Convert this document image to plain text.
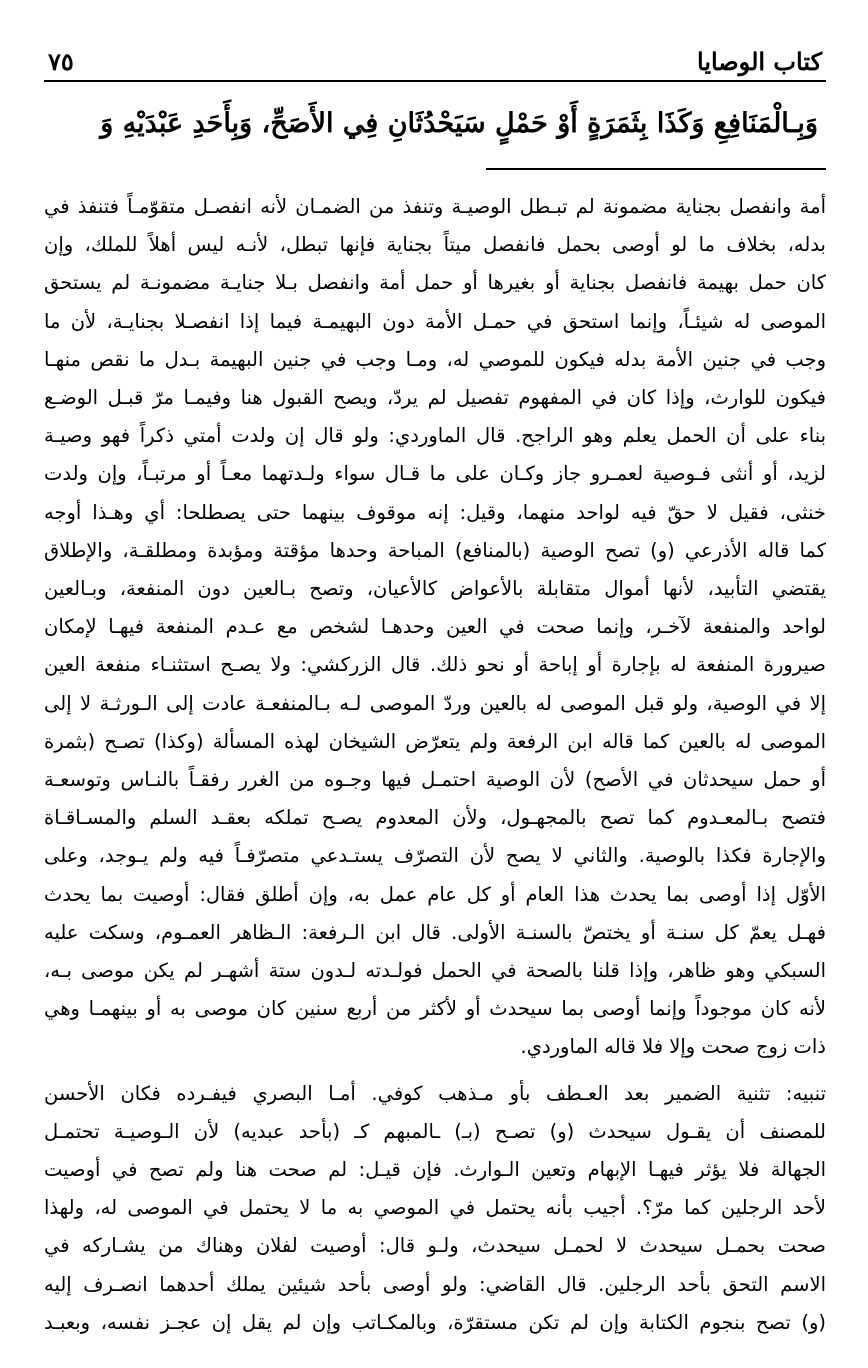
كتاب الوصايا
٧٥
وَبِـالْمَنَافِعِ وَكَذَا بِثَمَرَةٍ أَوْ حَمْلٍ سَيَحْدُثَانِ فِي الأَصَحِّ، وَبِأَحَدِ عَبْدَيْهِ وَ
أمة وانفصل بجناية مضمونة لم تبـطل الوصيـة وتنفذ من الضمـان لأنه انفصـل متقوّمـاً فتنفذ في
بدله، بخلاف ما لو أوصى بحمل فانفصل ميتاً بجناية فإنها تبطل، لأنـه ليس أهلاً للملك، وإن
كان حمل بهيمة فانفصل بجناية أو بغيرها أو حمل أمة وانفصل بـلا جنايـة مضمونـة لم يستحق
الموصى له شيئـاً، وإنما استحق في حمـل الأمة دون البهيمـة فيما إذا انفصـلا بجنايـة، لأن ما
وجب في جنين الأمة بدله فيكون للموصي له، ومـا وجب في جنين البهيمة بـدل ما نقص منهـا
فيكون للوارث، وإذا كان في المفهوم تفصيل لم يردّ، ويصح القبول هنا وفيمـا مرّ قبـل الوضـع
بناء على أن الحمل يعلم وهو الراجح. قال الماوردي: ولو قال إن ولدت أمتي ذكراً فهو وصيـة
لزيد، أو أنثى فـوصية لعمـرو جاز وكـان على ما قـال سواء ولـدتهما معـاً أو مرتبـاً، وإن ولدت
خنثى، فقيل لا حقّ فيه لواحد منهما، وقيل: إنه موقوف بينهما حتى يصطلحا: أي وهـذا أوجه
كما قاله الأذرعي (و) تصح الوصية (بالمنافع) المباحة وحدها مؤقتة ومؤبدة ومطلقـة، والإطلاق
يقتضي التأبيد، لأنها أموال متقابلة بالأعواض كالأعيان، وتصح بـالعين دون المنفعة، وبـالعين
لواحد والمنفعة لآخـر، وإنما صحت في العين وحدهـا لشخص مع عـدم المنفعة فيهـا لإمكان
صيرورة المنفعة له بإجارة أو إباحة أو نحو ذلك. قال الزركشي: ولا يصـح استثنـاء منفعة العين
إلا في الوصية، ولو قبل الموصى له بالعين وردّ الموصى لـه بـالمنفعـة عادت إلى الـورثـة لا إلى
الموصى له بالعين كما قاله ابن الرفعة ولم يتعرّض الشيخان لهذه المسألة (وكذا) تصـح (بثمرة
أو حمل سيحدثان في الأصح) لأن الوصية احتمـل فيها وجـوه من الغرر رفقـاً بالنـاس وتوسعـة
فتصح بـالمعـدوم كما تصح بالمجهـول، ولأن المعدوم يصـح تملكه بعقـد السلم والمسـاقـاة
والإجارة فكذا بالوصية. والثاني لا يصح لأن التصرّف يستـدعي متصرّفـاً فيه ولم يـوجد، وعلى
الأوّل إذا أوصى بما يحدث هذا العام أو كل عام عمل به، وإن أطلق فقال: أوصيت بما يحدث
فهـل يعمّ كل سنـة أو يختصّ بالسنـة الأولى. قال ابن الـرفعة: الـظاهر العمـوم، وسكت عليه
السبكي وهو ظاهر، وإذا قلنا بالصحة في الحمل فولـدته لـدون ستة أشهـر لم يكن موصى بـه،
لأنه كان موجوداً وإنما أوصى بما سيحدث أو لأكثر من أربع سنين كان موصى به أو بينهمـا وهي
ذات زوج صحت وإلا فلا قاله الماوردي.
تنبيه: تثنية الضمير بعد العـطف بأو مـذهب كوفي. أمـا البصري فيفـرده فكان الأحسن
للمصنف أن يقـول سيحدث (و) تصـح (بـ) ـالمبهم كـ (بأحد عبديه) لأن الـوصيـة تحتمـل
الجهالة فلا يؤثر فيهـا الإبهام وتعين الـوارث. فإن قيـل: لم صحت هنا ولم تصح في أوصيت
لأحد الرجلين كما مرّ؟. أجيب بأنه يحتمل في الموصي به ما لا يحتمل في الموصى له، ولهذا
صحت بحمـل سيحدث لا لحمـل سيحدث، ولـو قال: أوصيت لفلان وهناك من يشـاركه في
الاسم التحق بأحد الرجلين. قال القاضي: ولو أوصى بأحد شيئين يملك أحدهما انصـرف إليه
(و) تصح بنجوم الكتابة وإن لم تكن مستقرّة، وبالمكـاتب وإن لم يقل إن عجـز نفسه، وبعبـد
